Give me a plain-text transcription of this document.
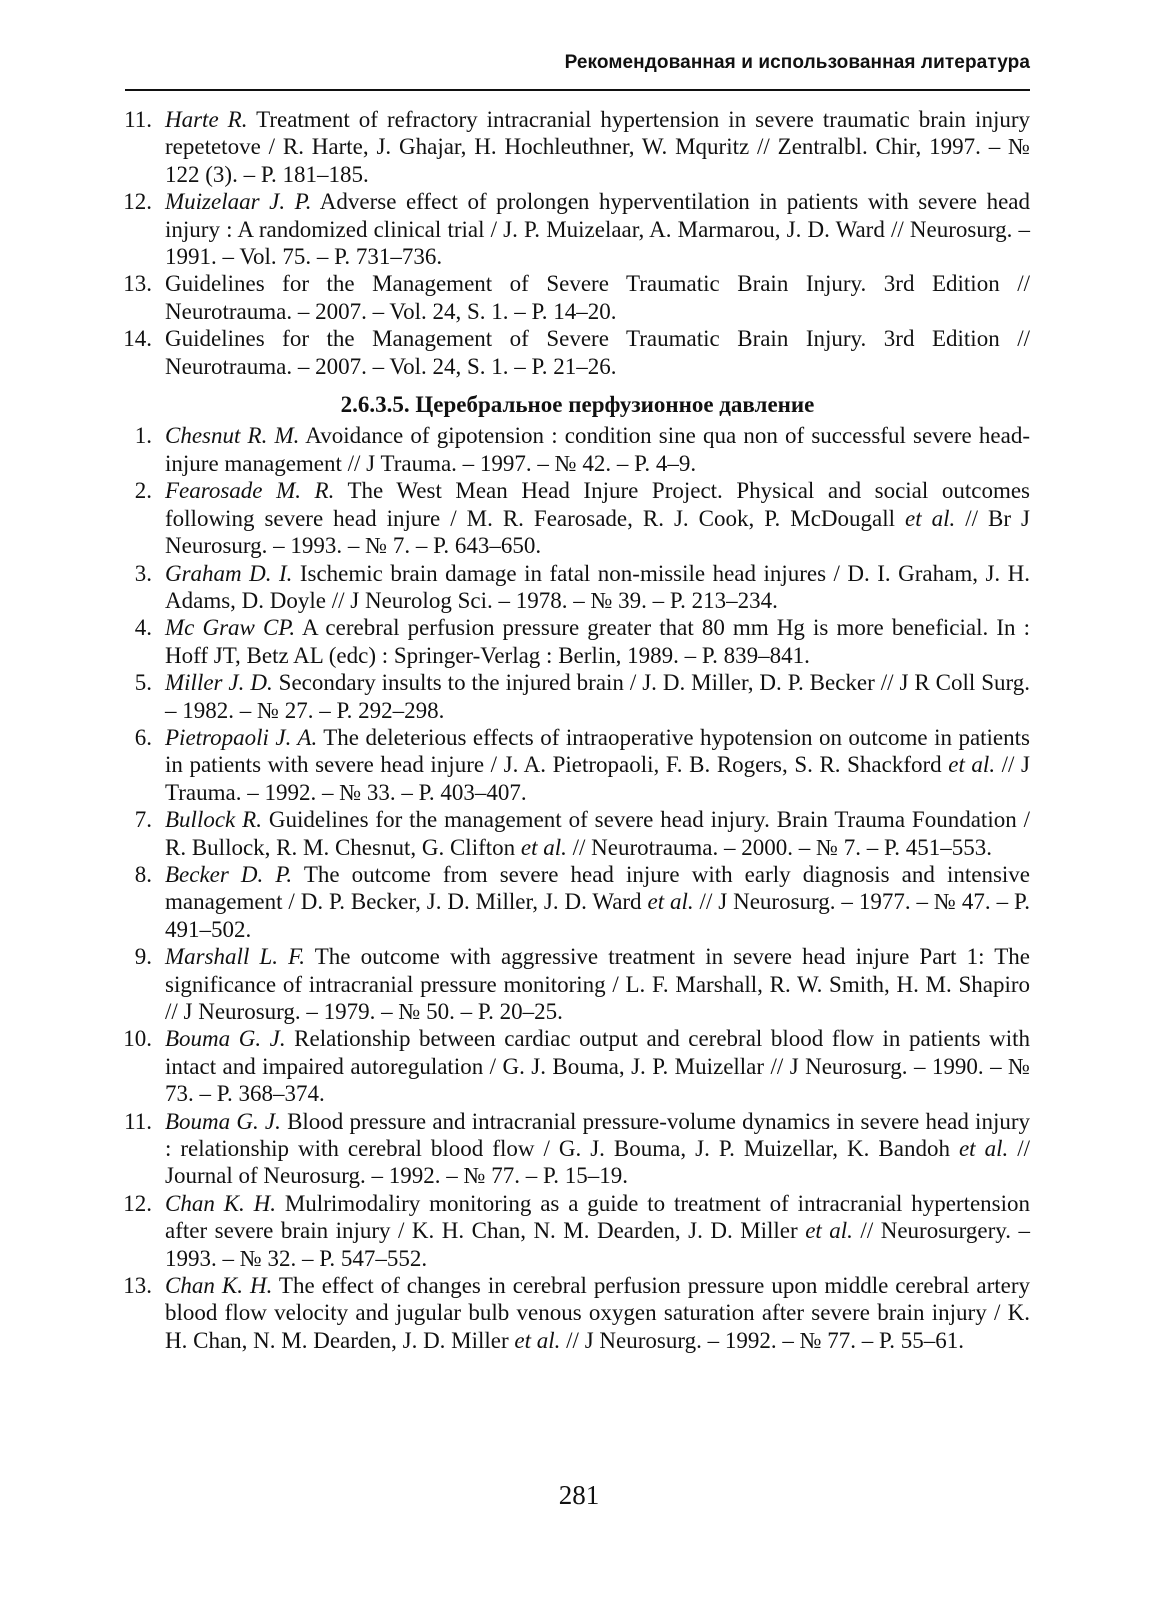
Рекомендованная и использованная литература
11. Harte R. Treatment of refractory intracranial hypertension in severe traumatic brain injury repetetove / R. Harte, J. Ghajar, H. Hochleuthner, W. Mquritz // Zentralbl. Chir, 1997. – № 122 (3). – P. 181–185.
12. Muizelaar J. P. Adverse effect of prolongen hyperventilation in patients with severe head injury : A randomized clinical trial / J. P. Muizelaar, A. Marmarou, J. D. Ward // Neurosurg. – 1991. – Vol. 75. – P. 731–736.
13. Guidelines for the Management of Severe Traumatic Brain Injury. 3rd Edition // Neurotrauma. – 2007. – Vol. 24, S. 1. – P. 14–20.
14. Guidelines for the Management of Severe Traumatic Brain Injury. 3rd Edition // Neurotrauma. – 2007. – Vol. 24, S. 1. – P. 21–26.
2.6.3.5. Церебральное перфузионное давление
1. Chesnut R. M. Avoidance of gipotension : condition sine qua non of successful severe head-injure management // J Trauma. – 1997. – № 42. – P. 4–9.
2. Fearosade M. R. The West Mean Head Injure Project. Physical and social outcomes following severe head injure / M. R. Fearosade, R. J. Cook, P. McDougall et al. // Br J Neurosurg. – 1993. – № 7. – P. 643–650.
3. Graham D. I. Ischemic brain damage in fatal non-missile head injures / D. I. Graham, J. H. Adams, D. Doyle // J Neurolog Sci. – 1978. – № 39. – P. 213–234.
4. Mc Graw CP. A cerebral perfusion pressure greater that 80 mm Hg is more beneficial. In : Hoff JT, Betz AL (edc) : Springer-Verlag : Berlin, 1989. – P. 839–841.
5. Miller J. D. Secondary insults to the injured brain / J. D. Miller, D. P. Becker // J R Coll Surg. – 1982. – № 27. – P. 292–298.
6. Pietropaoli J. A. The deleterious effects of intraoperative hypotension on outcome in patients in patients with severe head injure / J. A. Pietropaoli, F. B. Rogers, S. R. Shackford et al. // J Trauma. – 1992. – № 33. – P. 403–407.
7. Bullock R. Guidelines for the management of severe head injury. Brain Trauma Foundation / R. Bullock, R. M. Chesnut, G. Clifton et al. // Neurotrauma. – 2000. – № 7. – P. 451–553.
8. Becker D. P. The outcome from severe head injure with early diagnosis and intensive management / D. P. Becker, J. D. Miller, J. D. Ward et al. // J Neurosurg. – 1977. – № 47. – P. 491–502.
9. Marshall L. F. The outcome with aggressive treatment in severe head injure Part 1: The significance of intracranial pressure monitoring / L. F. Marshall, R. W. Smith, H. M. Shapiro // J Neurosurg. – 1979. – № 50. – P. 20–25.
10. Bouma G. J. Relationship between cardiac output and cerebral blood flow in patients with intact and impaired autoregulation / G. J. Bouma, J. P. Muizellar // J Neurosurg. – 1990. – № 73. – P. 368–374.
11. Bouma G. J. Blood pressure and intracranial pressure-volume dynamics in severe head injury : relationship with cerebral blood flow / G. J. Bouma, J. P. Muizellar, K. Bandoh et al. // Journal of Neurosurg. – 1992. – № 77. – P. 15–19.
12. Chan K. H. Mulrimodaliry monitoring as a guide to treatment of intracranial hypertension after severe brain injury / K. H. Chan, N. M. Dearden, J. D. Miller et al. // Neurosurgery. – 1993. – № 32. – P. 547–552.
13. Chan K. H. The effect of changes in cerebral perfusion pressure upon middle cerebral artery blood flow velocity and jugular bulb venous oxygen saturation after severe brain injury / K. H. Chan, N. M. Dearden, J. D. Miller et al. // J Neurosurg. – 1992. – № 77. – P. 55–61.
281
